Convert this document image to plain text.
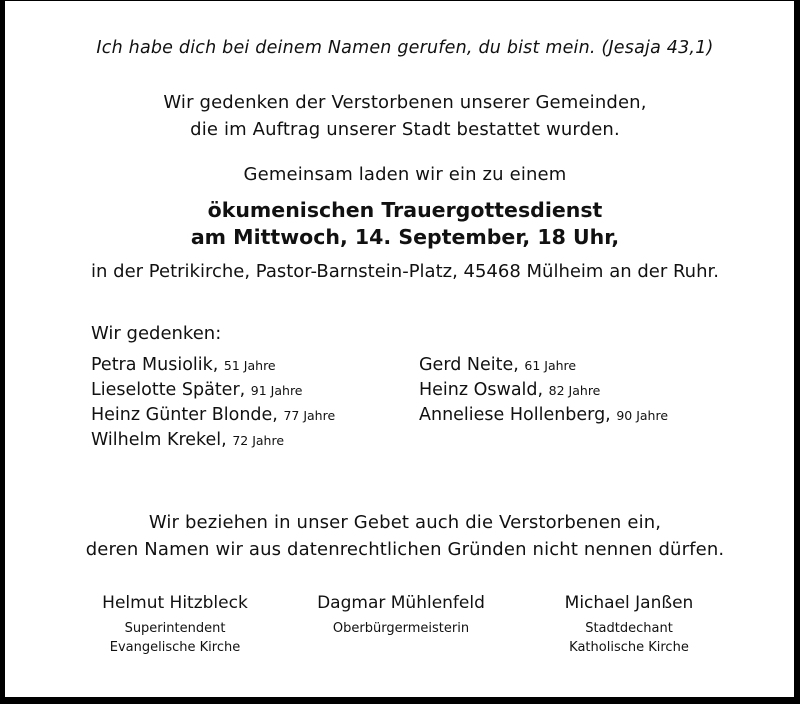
Ich habe dich bei deinem Namen gerufen, du bist mein. (Jesaja 43,1)
Wir gedenken der Verstorbenen unserer Gemeinden,
die im Auftrag unserer Stadt bestattet wurden.
Gemeinsam laden wir ein zu einem
ökumenischen Trauergottesdienst
am Mittwoch, 14. September, 18 Uhr,
in der Petrikirche, Pastor-Barnstein-Platz, 45468 Mülheim an der Ruhr.
Wir gedenken:
Petra Musiolik, 51 Jahre
Lieselotte Später, 91 Jahre
Heinz Günter Blonde, 77 Jahre
Wilhelm Krekel, 72 Jahre
Gerd Neite, 61 Jahre
Heinz Oswald, 82 Jahre
Anneliese Hollenberg, 90 Jahre
Wir beziehen in unser Gebet auch die Verstorbenen ein,
deren Namen wir aus datenrechtlichen Gründen nicht nennen dürfen.
Helmut Hitzbleck
Superintendent
Evangelische Kirche
Dagmar Mühlenfeld
Oberbürgermeisterin
Michael Janßen
Stadtdechant
Katholische Kirche
